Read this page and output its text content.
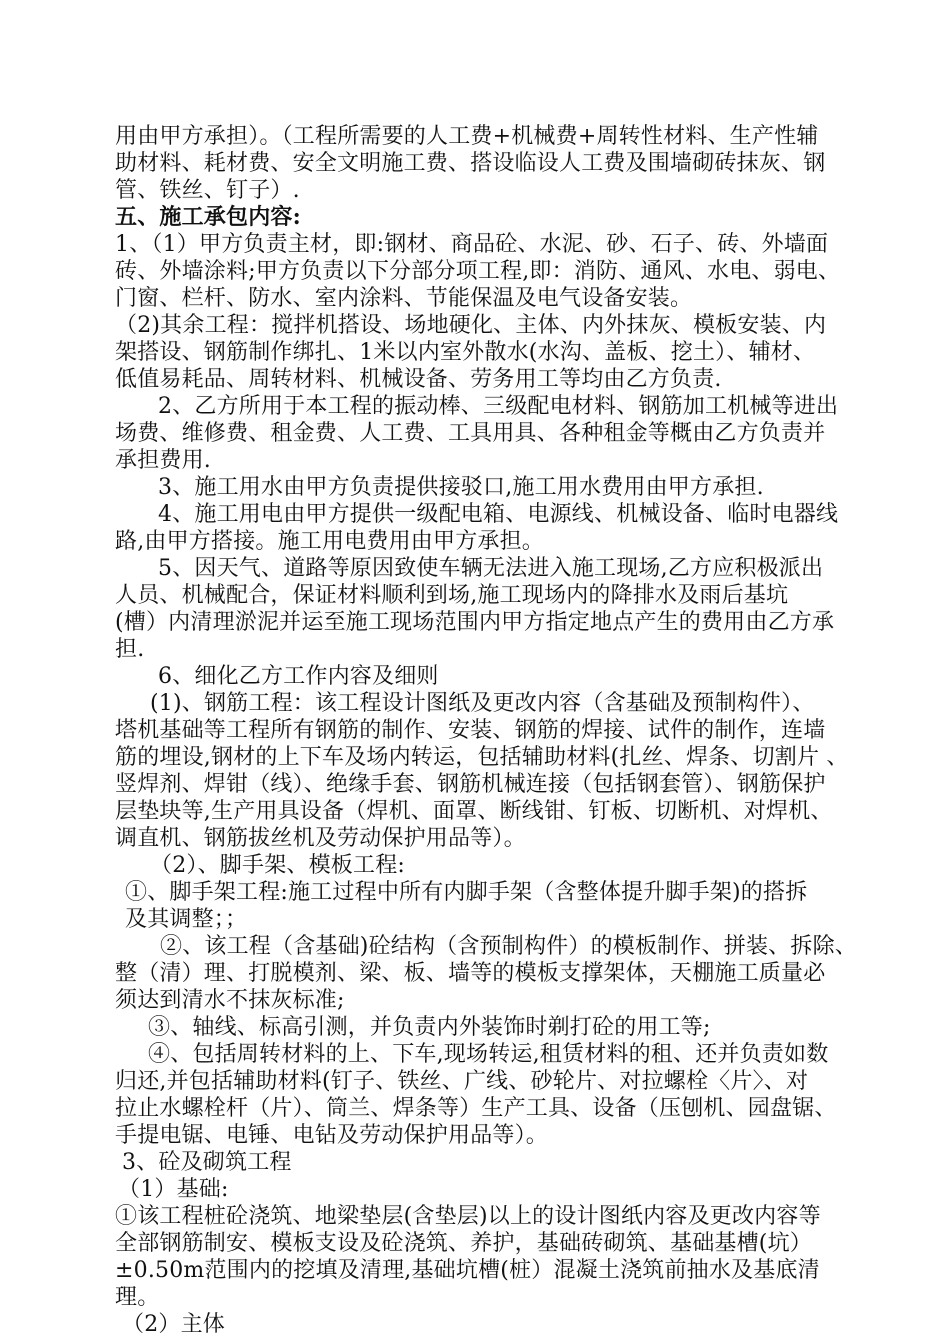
用由甲方承担）。（工程所需要的人工费+机械费+周转性材料、生产性辅
助材料、耗材费、安全文明施工费、搭设临设人工费及围墙砌砖抹灰、钢
管、铁丝、钉子）.
五、施工承包内容:
1、（1）甲方负责主材，即:钢材、商品砼、水泥、砂、石子、砖、外墙面
砖、外墙涂料;甲方负责以下分部分项工程,即：消防、通风、水电、弱电、
门窗、栏杆、防水、室内涂料、节能保温及电气设备安装。
（2)其余工程：搅拌机搭设、场地硬化、主体、内外抹灰、模板安装、内
架搭设、钢筋制作绑扎、1米以内室外散水(水沟、盖板、挖土）、辅材、
低值易耗品、周转材料、机械设备、劳务用工等均由乙方负责.
2、乙方所用于本工程的振动棒、三级配电材料、钢筋加工机械等进出
场费、维修费、租金费、人工费、工具用具、各种租金等概由乙方负责并
承担费用.
3、施工用水由甲方负责提供接驳口,施工用水费用由甲方承担.
4、施工用电由甲方提供一级配电箱、电源线、机械设备、临时电器线
路,由甲方搭接。施工用电费用由甲方承担。
5、因天气、道路等原因致使车辆无法进入施工现场,乙方应积极派出
人员、机械配合，保证材料顺利到场,施工现场内的降排水及雨后基坑
(槽）内清理淤泥并运至施工现场范围内甲方指定地点产生的费用由乙方承
担.
6、细化乙方工作内容及细则
(1)、钢筋工程：该工程设计图纸及更改内容（含基础及预制构件）、
塔机基础等工程所有钢筋的制作、安装、钢筋的焊接、试件的制作，连墙
筋的埋设,钢材的上下车及场内转运，包括辅助材料(扎丝、焊条、切割片 、
竖焊剂、焊钳（线）、绝缘手套、钢筋机械连接（包括钢套管）、钢筋保护
层垫块等,生产用具设备（焊机、面罩、断线钳、钉板、切断机、对焊机、
调直机、钢筋拔丝机及劳动保护用品等）。
（2）、脚手架、模板工程:
①、脚手架工程:施工过程中所有内脚手架（含整体提升脚手架)的搭拆
及其调整；；
②、该工程（含基础)砼结构（含预制构件）的模板制作、拼装、拆除、
整（清）理、打脱模剂、梁、板、墙等的模板支撑架体，天棚施工质量必
须达到清水不抹灰标准;
③、轴线、标高引测，并负责内外装饰时剃打砼的用工等;
④、包括周转材料的上、下车,现场转运,租赁材料的租、还并负责如数
归还,并包括辅助材料(钉子、铁丝、广线、砂轮片、对拉螺栓〈片〉、对
拉止水螺栓杆（片）、筒兰、焊条等）生产工具、设备（压刨机、园盘锯、
手提电锯、电锤、电钻及劳动保护用品等）。
3、砼及砌筑工程
（1）基础:
①该工程桩砼浇筑、地梁垫层(含垫层)以上的设计图纸内容及更改内容等
全部钢筋制安、模板支设及砼浇筑、养护，基础砖砌筑、基础基槽(坑）
±0.50m范围内的挖填及清理,基础坑槽(桩）混凝土浇筑前抽水及基底清
理。
（2）主体
